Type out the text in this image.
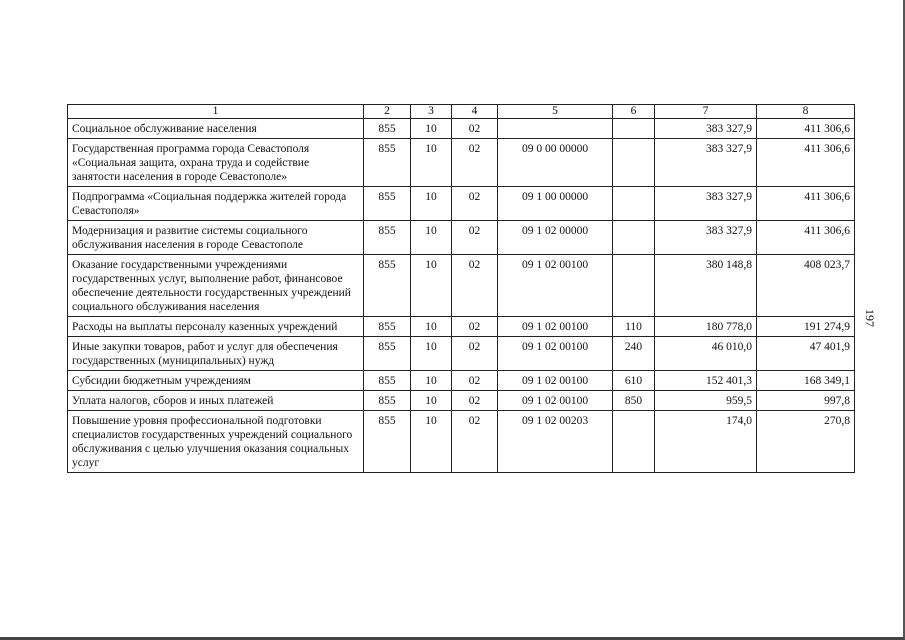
1	2	3	4	5	6	7	8
Социальное обслуживание населения	855	10	02			383 327,9	411 306,6
Государственная программа города Севастополя «Социальная защита, охрана труда и содействие занятости населения в городе Севастополе»	855	10	02	09 0 00 00000		383 327,9	411 306,6
Подпрограмма «Социальная поддержка жителей города Севастополя»	855	10	02	09 1 00 00000		383 327,9	411 306,6
Модернизация и развитие системы социального обслуживания населения в городе Севастополе	855	10	02	09 1 02 00000		383 327,9	411 306,6
Оказание государственными учреждениями государственных услуг, выполнение работ, финансовое обеспечение деятельности государственных учреждений социального обслуживания населения	855	10	02	09 1 02 00100		380 148,8	408 023,7
Расходы на выплаты персоналу казенных учреждений	855	10	02	09 1 02 00100	110	180 778,0	191 274,9
Иные закупки товаров, работ и услуг для обеспечения государственных (муниципальных) нужд	855	10	02	09 1 02 00100	240	46 010,0	47 401,9
Субсидии бюджетным учреждениям	855	10	02	09 1 02 00100	610	152 401,3	168 349,1
Уплата налогов, сборов и иных платежей	855	10	02	09 1 02 00100	850	959,5	997,8
Повышение уровня профессиональной подготовки специалистов государственных учреждений социального обслуживания с целью улучшения оказания социальных услуг	855	10	02	09 1 02 00203		174,0	270,8
197
